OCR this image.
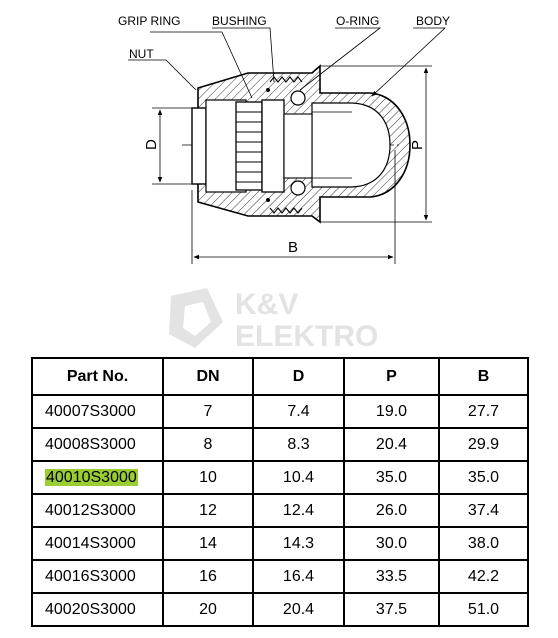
GRIP RING	BUSHING	O-RING	BODY
NUT
D	P
B
K&V
ELEKTRO
Part No.	DN	D	P	B
40007S3000	7	7.4	19.0	27.7
40008S3000	8	8.3	20.4	29.9
40010S3000	10	10.4	35.0	35.0
40012S3000	12	12.4	26.0	37.4
40014S3000	14	14.3	30.0	38.0
40016S3000	16	16.4	33.5	42.2
40020S3000	20	20.4	37.5	51.0
